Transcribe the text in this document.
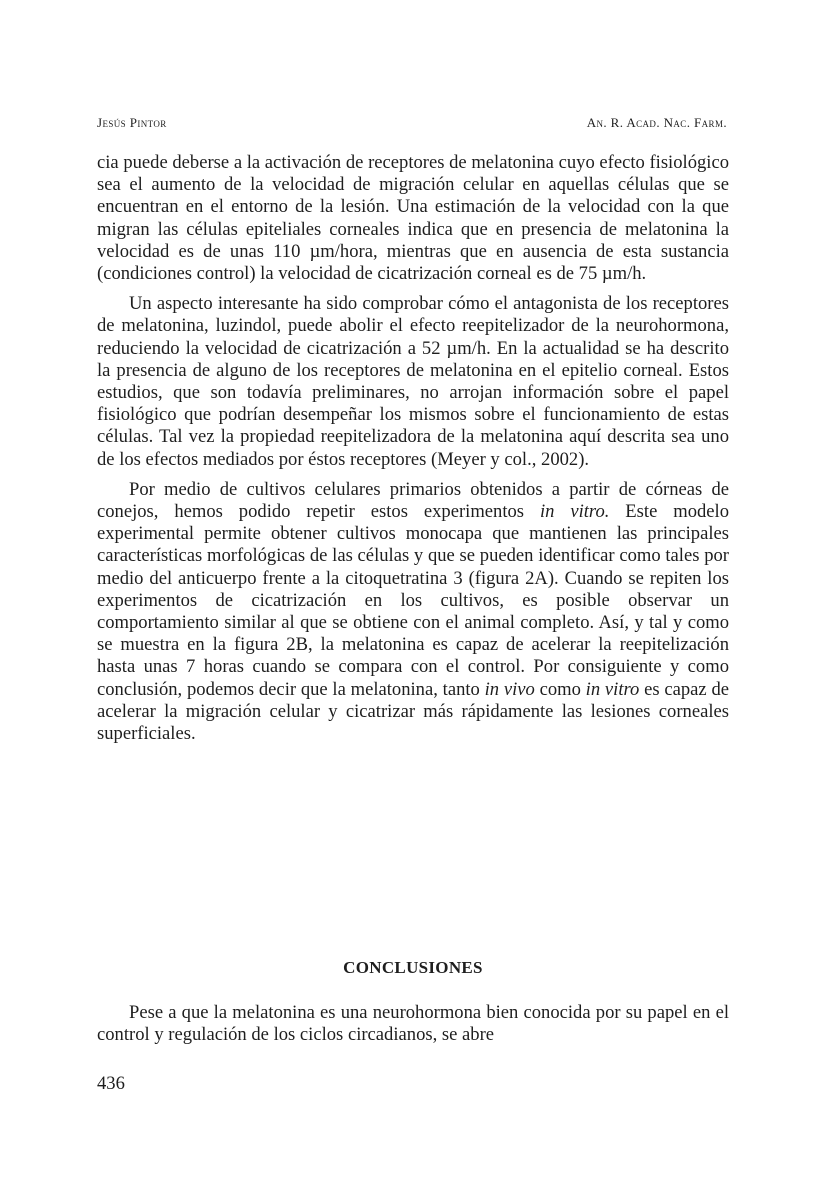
Jesús Pintor	An. R. Acad. Nac. Farm.

cia puede deberse a la activación de receptores de melatonina cuyo efecto fisiológico sea el aumento de la velocidad de migración celular en aquellas células que se encuentran en el entorno de la lesión. Una estimación de la velocidad con la que migran las células epiteliales corneales indica que en presencia de melatonina la velocidad es de unas 110 µm/hora, mientras que en ausencia de esta sustancia (condiciones control) la velocidad de cicatrización corneal es de 75 µm/h.

Un aspecto interesante ha sido comprobar cómo el antagonista de los receptores de melatonina, luzindol, puede abolir el efecto reepitelizador de la neurohormona, reduciendo la velocidad de cicatrización a 52 µm/h. En la actualidad se ha descrito la presencia de alguno de los receptores de melatonina en el epitelio corneal. Estos estudios, que son todavía preliminares, no arrojan información sobre el papel fisiológico que podrían desempeñar los mismos sobre el funcionamiento de estas células. Tal vez la propiedad reepitelizadora de la melatonina aquí descrita sea uno de los efectos mediados por éstos receptores (Meyer y col., 2002).

Por medio de cultivos celulares primarios obtenidos a partir de córneas de conejos, hemos podido repetir estos experimentos in vitro. Este modelo experimental permite obtener cultivos monocapa que mantienen las principales características morfológicas de las células y que se pueden identificar como tales por medio del anticuerpo frente a la citoquetratina 3 (figura 2A). Cuando se repiten los experimentos de cicatrización en los cultivos, es posible observar un comportamiento similar al que se obtiene con el animal completo. Así, y tal y como se muestra en la figura 2B, la melatonina es capaz de acelerar la reepitelización hasta unas 7 horas cuando se compara con el control. Por consiguiente y como conclusión, podemos decir que la melatonina, tanto in vivo como in vitro es capaz de acelerar la migración celular y cicatrizar más rápidamente las lesiones corneales superficiales.

CONCLUSIONES

Pese a que la melatonina es una neurohormona bien conocida por su papel en el control y regulación de los ciclos circadianos, se abre

436
